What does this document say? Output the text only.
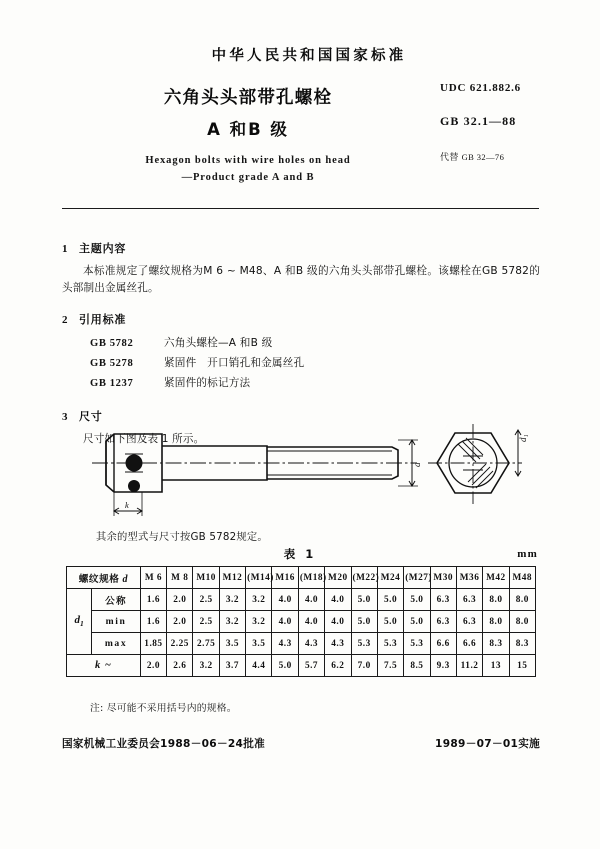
中华人民共和国国家标准
六角头头部带孔螺栓
A 和B 级
Hexagon bolts with wire holes on head
—Product grade A and B
UDC 621.882.6
GB 32.1—88
代替 GB 32—76
1 主题内容
本标准规定了螺纹规格为M 6 ~ M48、A 和B 级的六角头头部带孔螺栓。该螺栓在GB 5782的头部制出金属丝孔。
2 引用标准
GB 5782	六角头螺栓—A 和B 级
GB 5278	紧固件　开口销孔和金属丝孔
GB 1237	紧固件的标记方法
3 尺寸
尺寸如下图及表 1 所示。
d
k
d₁
其余的型式与尺寸按GB 5782规定。
表 1	mm
螺纹规格 d		M 6	M 8	M10	M12	(M14)	M16	(M18)	M20	(M22)	M24	(M27)	M30	M36	M42	M48
$d_1$	公称	1.6	2.0	2.5	3.2	3.2	4.0	4.0	4.0	5.0	5.0	5.0	6.3	6.3	8.0	8.0
	min	1.6	2.0	2.5	3.2	3.2	4.0	4.0	4.0	5.0	5.0	5.0	6.3	6.3	8.0	8.0
	max	1.85	2.25	2.75	3.5	3.5	4.3	4.3	4.3	5.3	5.3	5.3	6.6	6.6	8.3	8.3
k ~		2.0	2.6	3.2	3.7	4.4	5.0	5.7	6.2	7.0	7.5	8.5	9.3	11.2	13	15
注: 尽可能不采用括号内的规格。
国家机械工业委员会1988－06－24批准	1989－07－01实施
